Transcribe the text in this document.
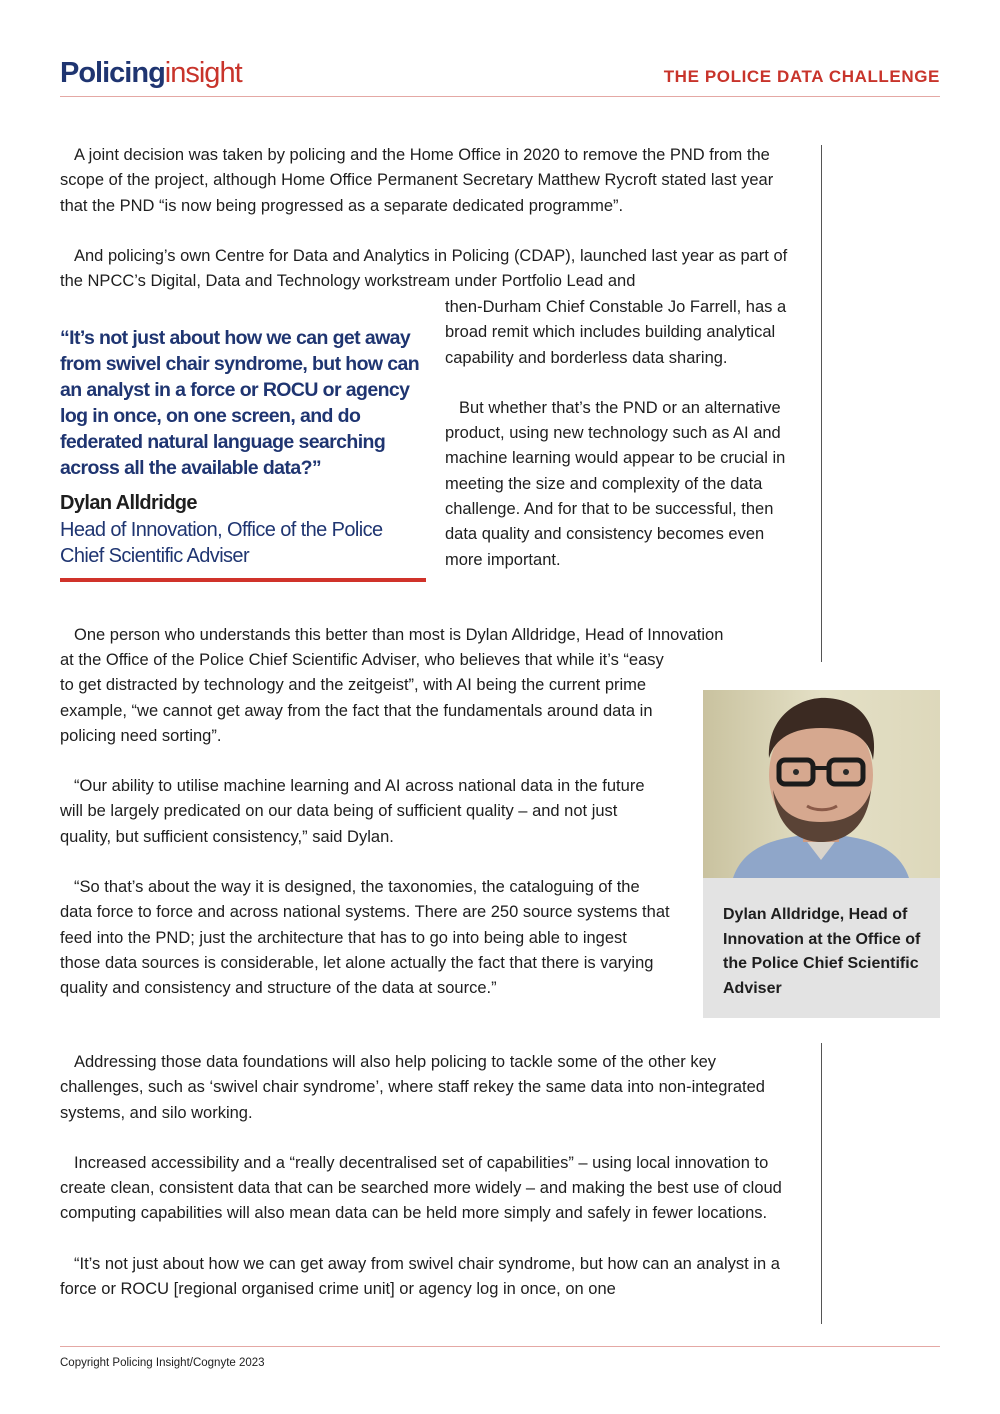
Policinginsight	THE POLICE DATA CHALLENGE

A joint decision was taken by policing and the Home Office in 2020 to remove the PND from the scope of the project, although Home Office Permanent Secretary Matthew Rycroft stated last year that the PND “is now being progressed as a separate dedicated programme”.

And policing’s own Centre for Data and Analytics in Policing (CDAP), launched last year as part of the NPCC’s Digital, Data and Technology workstream under Portfolio Lead and

then-Durham Chief Constable Jo Farrell, has a broad remit which includes building analytical capability and borderless data sharing.

But whether that’s the PND or an alternative product, using new technology such as AI and machine learning would appear to be crucial in meeting the size and complexity of the data challenge. And for that to be successful, then data quality and consistency becomes even more important.

“It’s not just about how we can get away from swivel chair syndrome, but how can an analyst in a force or ROCU or agency log in once, on one screen, and do federated natural language searching across all the available data?”
Dylan Alldridge
Head of Innovation, Office of the Police Chief Scientific Adviser

One person who understands this better than most is Dylan Alldridge, Head of Innovation

at the Office of the Police Chief Scientific Adviser, who believes that while it’s “easy to get distracted by technology and the zeitgeist”, with AI being the current prime example, “we cannot get away from the fact that the fundamentals around data in policing need sorting”.

“Our ability to utilise machine learning and AI across national data in the future will be largely predicated on our data being of sufficient quality – and not just quality, but sufficient consistency,” said Dylan.

“So that’s about the way it is designed, the taxonomies, the cataloguing of the data force to force and across national systems. There are 250 source systems that feed into the PND; just the architecture that has to go into being able to ingest those data sources is considerable, let alone actually the fact that there is varying quality and consistency and structure of the data at source.”

Dylan Alldridge, Head of Innovation at the Office of the Police Chief Scientific Adviser

Addressing those data foundations will also help policing to tackle some of the other key challenges, such as ‘swivel chair syndrome’, where staff rekey the same data into non-integrated systems, and silo working.

Increased accessibility and a “really decentralised set of capabilities” – using local innovation to create clean, consistent data that can be searched more widely – and making the best use of cloud computing capabilities will also mean data can be held more simply and safely in fewer locations.

“It’s not just about how we can get away from swivel chair syndrome, but how can an analyst in a force or ROCU [regional organised crime unit] or agency log in once, on one

Copyright Policing Insight/Cognyte 2023
